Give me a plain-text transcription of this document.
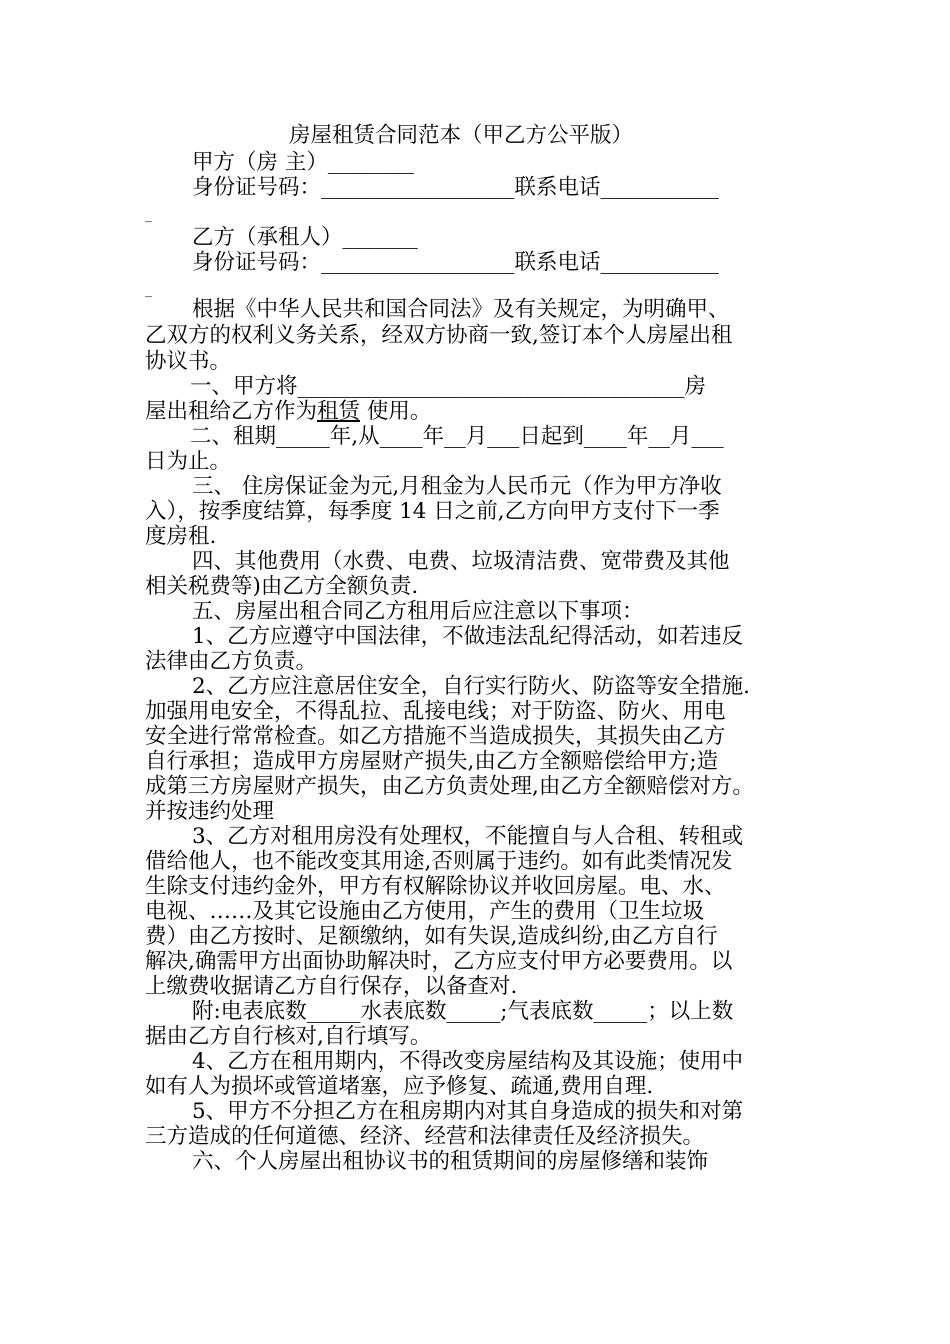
房屋租赁合同范本（甲乙方公平版）
甲方（房 主）________
身份证号码：__________________联系电话___________
_
乙方（承租人）_______
身份证号码：__________________联系电话___________
_
根据《中华人民共和国合同法》及有关规定，为明确甲、
乙双方的权利义务关系，经双方协商一致,签订本个人房屋出租
协议书。
一、甲方将____________________________________房
屋出租给乙方作为租赁 使用。
二、租期_____年,从____年__月___日起到____年__月___
日为止。
三、 住房保证金为元,月租金为人民币元（作为甲方净收
入），按季度结算，每季度 14 日之前,乙方向甲方支付下一季
度房租.
四、其他费用（水费、电费、垃圾清洁费、宽带费及其他
相关税费等)由乙方全额负责.
五、房屋出租合同乙方租用后应注意以下事项：
1、乙方应遵守中国法律，不做违法乱纪得活动，如若违反
法律由乙方负责。
2、乙方应注意居住安全，自行实行防火、防盗等安全措施.
加强用电安全，不得乱拉、乱接电线；对于防盗、防火、用电
安全进行常常检查。如乙方措施不当造成损失，其损失由乙方
自行承担；造成甲方房屋财产损失,由乙方全额赔偿给甲方;造
成第三方房屋财产损失，由乙方负责处理,由乙方全额赔偿对方。
并按违约处理
3、乙方对租用房没有处理权，不能擅自与人合租、转租或
借给他人，也不能改变其用途,否则属于违约。如有此类情况发
生除支付违约金外，甲方有权解除协议并收回房屋。电、水、
电视、……及其它设施由乙方使用，产生的费用（卫生垃圾
费）由乙方按时、足额缴纳，如有失误,造成纠纷,由乙方自行
解决,确需甲方出面协助解决时，乙方应支付甲方必要费用。以
上缴费收据请乙方自行保存，以备查对.
附:电表底数_____水表底数_____;气表底数_____；以上数
据由乙方自行核对,自行填写。
4、乙方在租用期内，不得改变房屋结构及其设施；使用中
如有人为损坏或管道堵塞，应予修复、疏通,费用自理.
5、甲方不分担乙方在租房期内对其自身造成的损失和对第
三方造成的任何道德、经济、经营和法律责任及经济损失。
六、个人房屋出租协议书的租赁期间的房屋修缮和装饰
